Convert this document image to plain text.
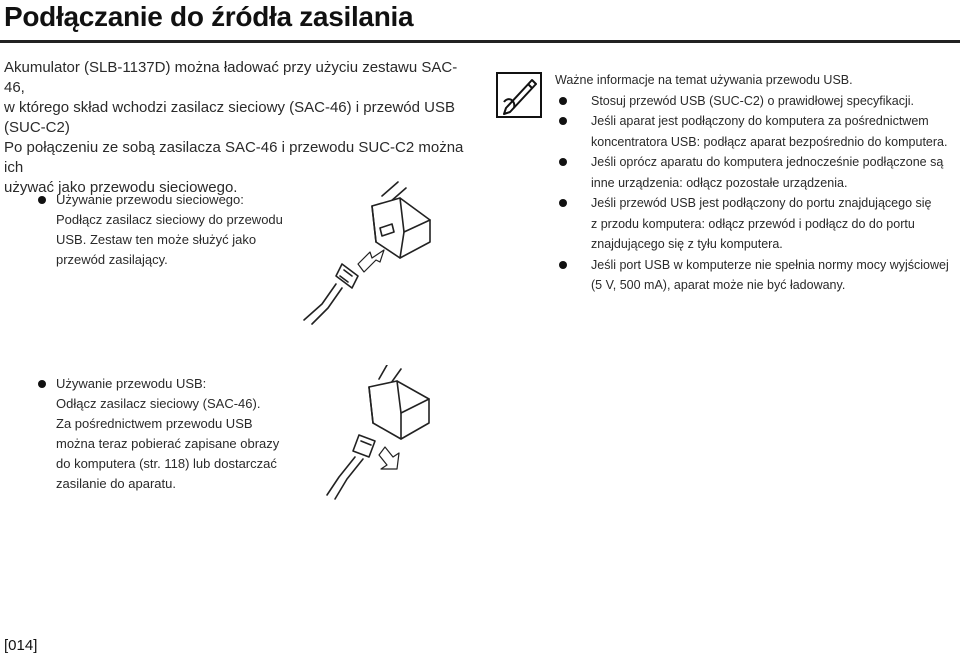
Podłączanie do źródła zasilania

Akumulator (SLB-1137D) można ładować przy użyciu zestawu SAC-46,

w którego skład wchodzi zasilacz sieciowy (SAC-46) i przewód USB

(SUC-C2)

Po połączeniu ze sobą zasilacza SAC-46 i przewodu SUC-C2 można ich

używać jako przewodu sieciowego.

Używanie przewodu sieciowego:
Podłącz zasilacz sieciowy do przewodu
USB. Zestaw ten może służyć jako
przewód zasilający.
Ważne informacje na temat używania przewodu USB.
Stosuj przewód USB (SUC-C2) o prawidłowej specyfikacji.
Jeśli aparat jest podłączony do komputera za pośrednictwem
koncentratora USB: podłącz aparat bezpośrednio do komputera.
Jeśli oprócz aparatu do komputera jednocześnie podłączone są
inne urządzenia: odłącz pozostałe urządzenia.
Jeśli przewód USB jest podłączony do portu znajdującego się
z przodu komputera: odłącz przewód i podłącz do do portu
znajdującego się z tyłu komputera.
Jeśli port USB w komputerze nie spełnia normy mocy wyjściowej
(5 V, 500 mA), aparat może nie być ładowany.
Używanie przewodu USB:
Odłącz zasilacz sieciowy (SAC-46).
Za pośrednictwem przewodu USB
można teraz pobierać zapisane obrazy
do komputera (str. 118) lub dostarczać
zasilanie do aparatu.
[014]
